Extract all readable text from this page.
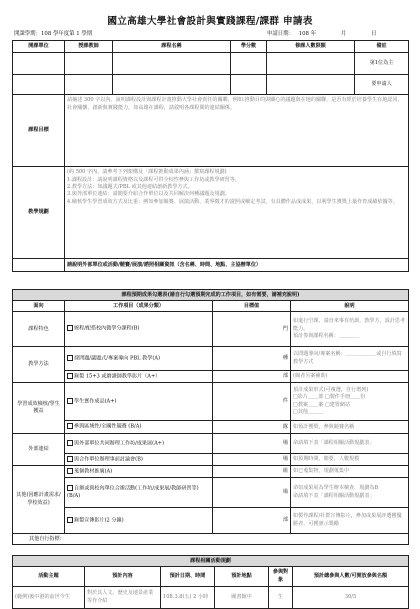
國立高雄大學社會設計與實踐課程/課群 申請表
開課學期：108 學年度第 1 學期	申請日期： 108 年	月	日
開課單位	授課教師	課程名稱	學分數	修課人數限額	備註
					第1位為主
					要申請人
課程目標	請摘述 300 字以內，說明課程設計與課程計畫推動大學社會責任的關聯，例如:推動目的與關心的議題與在地的關聯，是否有經於培養學生在地認同、社會關懷、創新與實踐能力，如高雄在課程，請敘明各課程間的連結關係。
教學規劃	(約 500 字內，請參考下列架構及「課程推動成果內涵」撰寫課程規劃)
1.課程設計：請說明課程資格以及課程可供全校性參與工作坊或教學研習等。
2.教學方法：如議題式/PBL 或其他連結創新教學方式。
3.與外部單位連結：請簡要介紹合作單位以及共同解決何種議題及規劃。
4.檢核學生學習成效方式及比重：例如參加競賽、展演活動、業界徵才的證照或檢定考試，有具體作品成成果，以利學生獲獎上築作育成績依據等。

	請說明外部單位或活動/競賽/展演/諮照相關資訊（含名稱、時間、地點、主協辦單位）
課程預期成果勾選表(請自行勾選預期完成的工作項目，如有需要，請補充說明)			
面向	工作項目（成果分類）	目標值	說明
課程特色	婉程/配搭校內微學分課程(B)	門	如進行空課，請直來事有培訓，教學方，設計思考能力。
預計参與課程名稱：＿＿＿＿

教學方法	採問題/議題式/專案導向 PBL 教學(A)	種	以問題導向/專案名稱：＿＿＿＿＿＿或自行填寫教學方式
	錄製 15+3 或磨課師教學影片（A+）	部	(線者另案補助)
學習成效檢核/學生獲益	學生實作成品(A+)	件	預計成果形式(可複選，自行增列)
□影片＿＿部 □製作手冊＿＿份
□教案＿＿案 □建置網站
□其他＿＿＿

	參與區域性/全國性競賽 (B/A)	隊	如預計獲獎，參與競賽名稱
外部連結	與外部單位共同辦理工作坊/成果展(A+)	場	命請填下表「課程相關活動規劃表」
	與合作單位辦理事前討論會(B)	場	如預期時間，簡要，人數規模
其他(因應計畫需求/學校效益)	蒐個教材推廣(A)	組	如已蒐集物，規劃蒐集中
	自辦或與校內單位合辦活動(工作坊/成果展/教師研習等)(B/A)	場	命如成果展為學生辦本檢查，規劃為B
命請填下表「課程相關活動規劃表」

	錄製宣傳影片(2 分鐘)	部	如製作課程/社群宣傳影片，參加成果展評選獲優勝者，可獲頒示獎勵
其他自行指標：			
課程相關活動規劃					
活動主題	預計內容	預計日期、時間	預計地點	參與對象	預計總參與人數/可開放參與名額
(範例)後中港的前世今生	對於其人文、歷史及地景產業等作介紹	108.3.8(五) 2 小時	圖書館中	生	30/5
